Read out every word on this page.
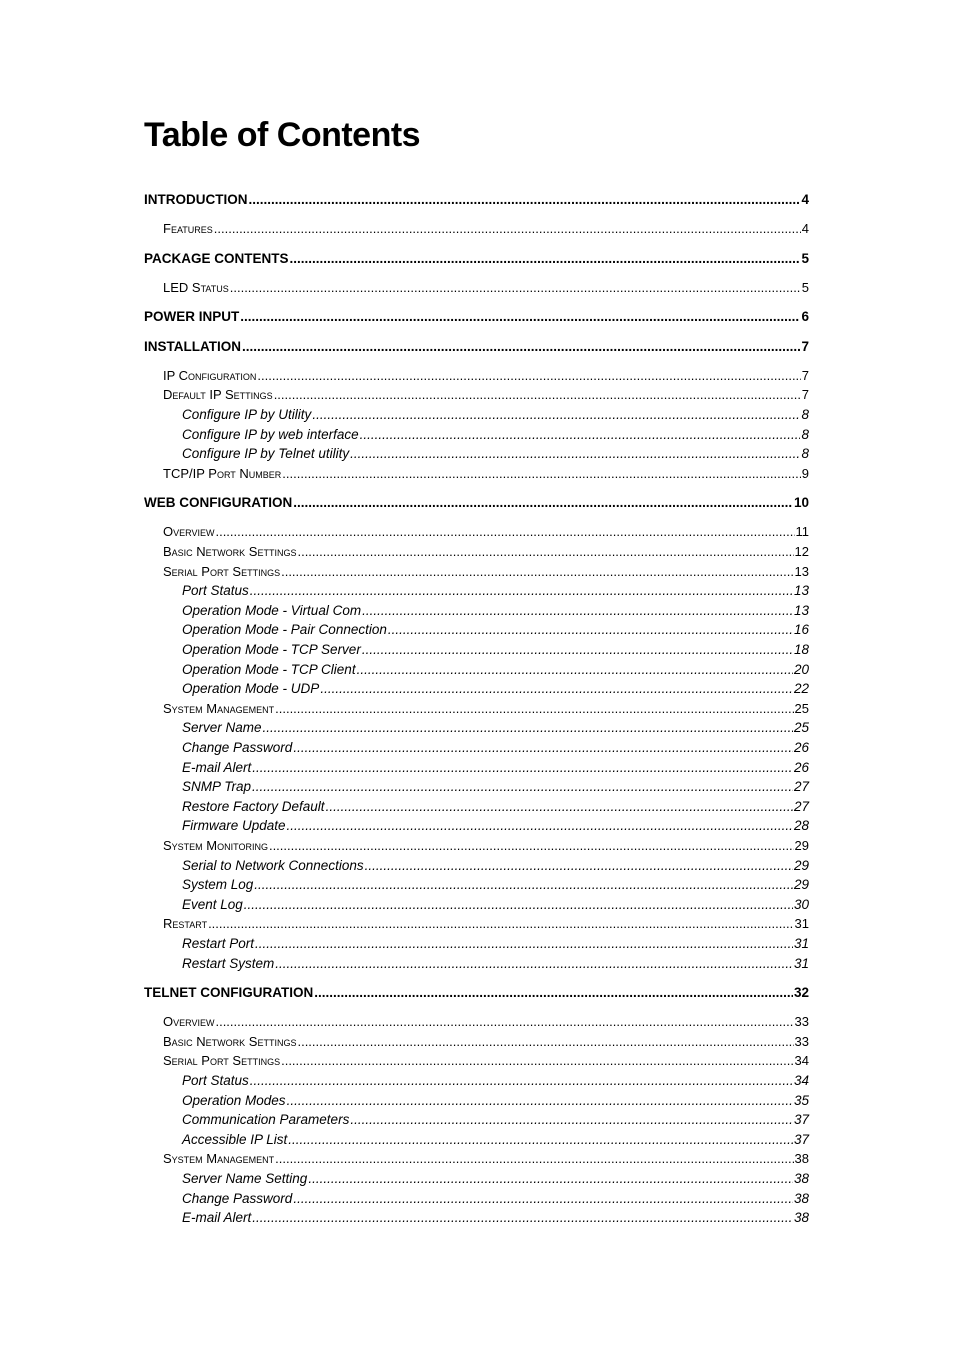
Table of Contents
INTRODUCTION .....	4
Features .....	4
PACKAGE CONTENTS .....	5
LED Status .....	5
POWER INPUT .....	6
INSTALLATION .....	7
IP Configuration .....	7
Default IP Settings .....	7
Configure IP by Utility .....	8
Configure IP by web interface .....	8
Configure IP by Telnet utility .....	8
TCP/IP Port Number .....	9
WEB CONFIGURATION .....	10
Overview .....	11
Basic Network Settings .....	12
Serial Port Settings .....	13
Port Status .....	13
Operation Mode - Virtual Com .....	13
Operation Mode - Pair Connection .....	16
Operation Mode - TCP Server .....	18
Operation Mode - TCP Client .....	20
Operation Mode - UDP .....	22
System Management .....	25
Server Name .....	25
Change Password .....	26
E-mail Alert .....	26
SNMP Trap .....	27
Restore Factory Default .....	27
Firmware Update .....	28
System Monitoring .....	29
Serial to Network Connections .....	29
System Log .....	29
Event Log .....	30
Restart .....	31
Restart Port .....	31
Restart System .....	31
TELNET CONFIGURATION .....	32
Overview .....	33
Basic Network Settings .....	33
Serial Port Settings .....	34
Port Status .....	34
Operation Modes .....	35
Communication Parameters .....	37
Accessible IP List .....	37
System Management .....	38
Server Name Setting .....	38
Change Password .....	38
E-mail Alert .....	38
